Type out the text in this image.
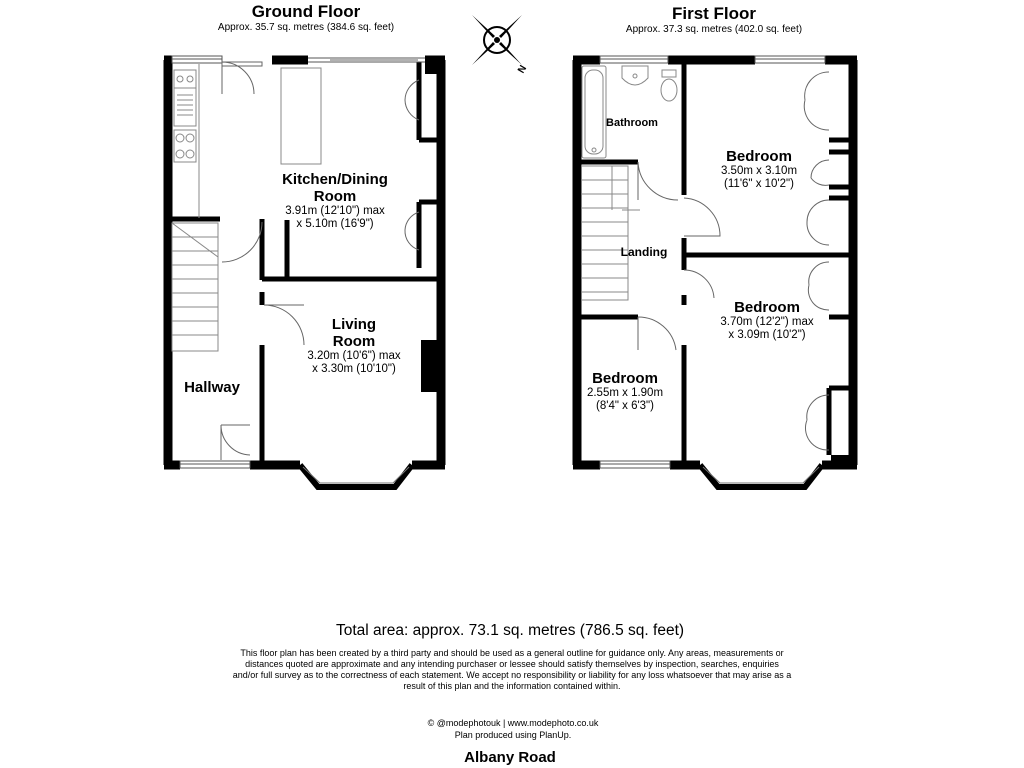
N
Ground Floor
Approx. 35.7 sq. metres (384.6 sq. feet)
Kitchen/Dining
Room
3.91m (12'10") max
x 5.10m (16'9")
Living
Room
3.20m (10'6") max
x 3.30m (10'10")
Hallway
First Floor
Approx. 37.3 sq. metres (402.0 sq. feet)
Bathroom
Bedroom
3.50m x 3.10m
(11'6" x 10'2")
Landing
Bedroom
3.70m (12'2") max
x 3.09m (10'2")
Bedroom
2.55m x 1.90m
(8'4" x 6'3")
Total area: approx. 73.1 sq. metres (786.5 sq. feet)
This floor plan has been created by a third party and should be used as a general outline for guidance only. Any areas, measurements or distances quoted are approximate and any intending purchaser or lessee should satisfy themselves by inspection, searches, enquiries and/or full survey as to the correctness of each statement. We accept no responsibility or liability for any loss whatsoever that may arise as a result of this plan and the information contained within.
© @modephotouk | www.modephoto.co.uk
Plan produced using PlanUp.
Albany Road
